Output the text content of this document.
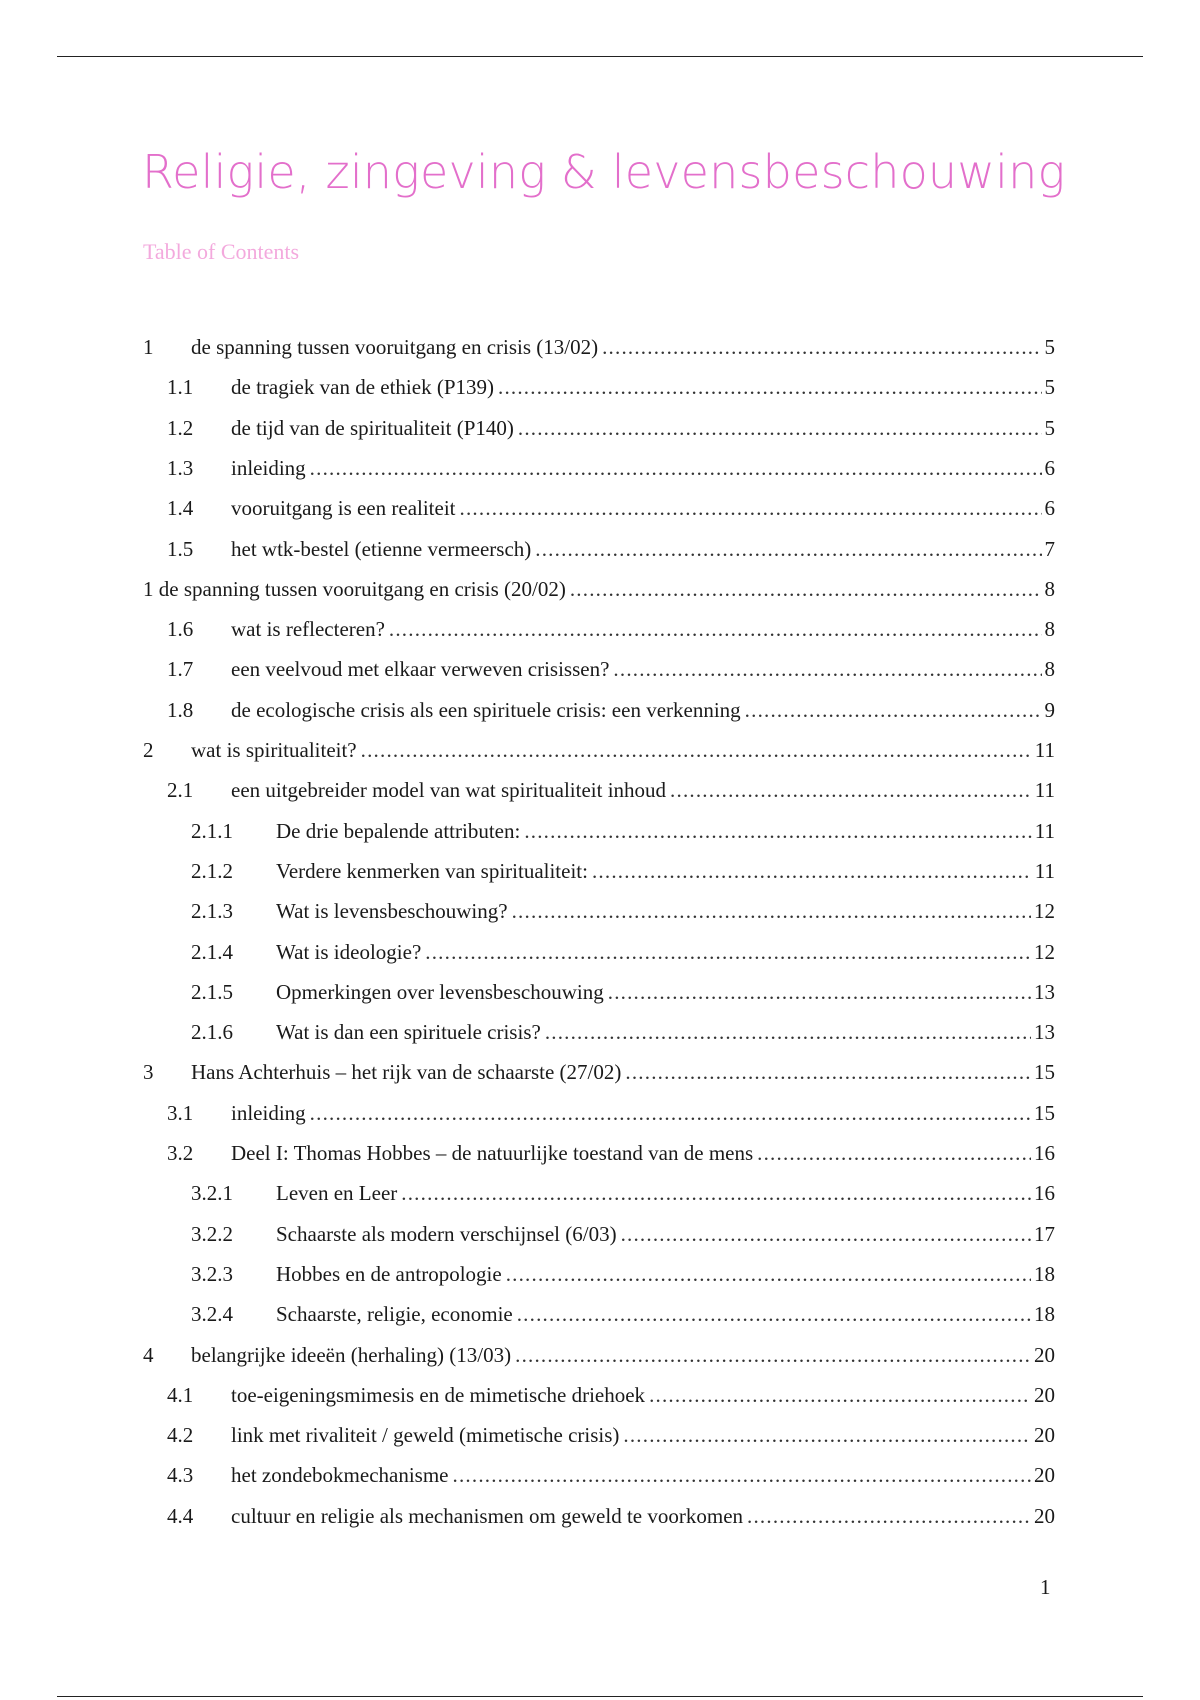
Religie, zingeving & levensbeschouwing
Table of Contents
1	de spanning tussen vooruitgang en crisis (13/02) .....	5
1.1	de tragiek van de ethiek (P139) .....	5
1.2	de tijd van de spiritualiteit (P140) .....	5
1.3	inleiding .....	6
1.4	vooruitgang is een realiteit .....	6
1.5	het wtk-bestel (etienne vermeersch) .....	7
1 de spanning tussen vooruitgang en crisis (20/02) .....	8
1.6	wat is reflecteren? .....	8
1.7	een veelvoud met elkaar verweven crisissen? .....	8
1.8	de ecologische crisis als een spirituele crisis: een verkenning .....	9
2	wat is spiritualiteit? .....	11
2.1	een uitgebreider model van wat spiritualiteit inhoud .....	11
2.1.1	De drie bepalende attributen: .....	11
2.1.2	Verdere kenmerken van spiritualiteit: .....	11
2.1.3	Wat is levensbeschouwing? .....	12
2.1.4	Wat is ideologie? .....	12
2.1.5	Opmerkingen over levensbeschouwing .....	13
2.1.6	Wat is dan een spirituele crisis? .....	13
3	Hans Achterhuis – het rijk van de schaarste (27/02) .....	15
3.1	inleiding .....	15
3.2	Deel I: Thomas Hobbes – de natuurlijke toestand van de mens .....	16
3.2.1	Leven en Leer .....	16
3.2.2	Schaarste als modern verschijnsel (6/03) .....	17
3.2.3	Hobbes en de antropologie .....	18
3.2.4	Schaarste, religie, economie .....	18
4	belangrijke ideeën (herhaling) (13/03) .....	20
4.1	toe-eigeningsmimesis en de mimetische driehoek .....	20
4.2	link met rivaliteit / geweld (mimetische crisis) .....	20
4.3	het zondebokmechanisme .....	20
4.4	cultuur en religie als mechanismen om geweld te voorkomen .....	20
1
